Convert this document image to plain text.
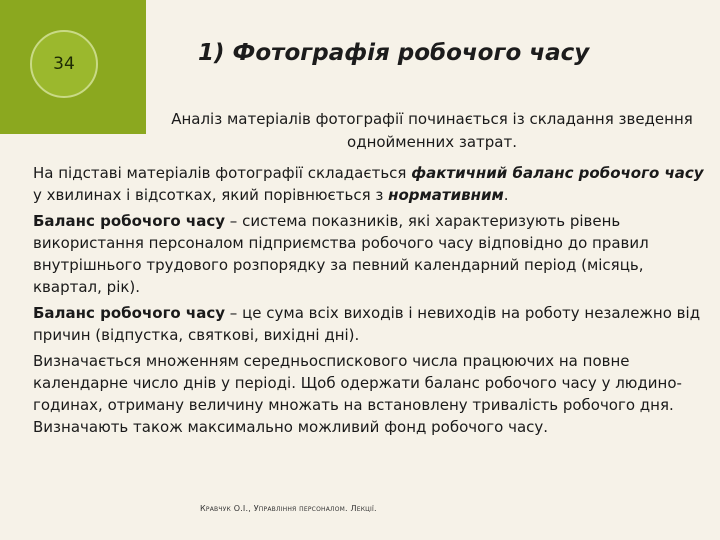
34	1) Фотографія робочого часу
Аналіз матеріалів фотографії починається із складання зведення однойменних затрат.

На підставі матеріалів фотографії складається фактичний баланс робочого часу у хвилинах і відсотках, який порівнюється з нормативним.

Баланс робочого часу – система показників, які характеризують рівень використання персоналом підприємства робочого часу відповідно до правил внутрішнього трудового розпорядку за певний календарний період (місяць, квартал, рік).

Баланс робочого часу – це сума всіх виходів і невиходів на роботу незалежно від причин (відпустка, святкові, вихідні дні).

Визначається множенням середньоспискового числа працюючих на повне календарне число днів у періоді. Щоб одержати баланс робочого часу у людино-годинах, отриману величину множать на встановлену тривалість робочого дня. Визначають також максимально можливий фонд робочого часу.

Кравчук О.І., Управління персоналом. Лекції.
